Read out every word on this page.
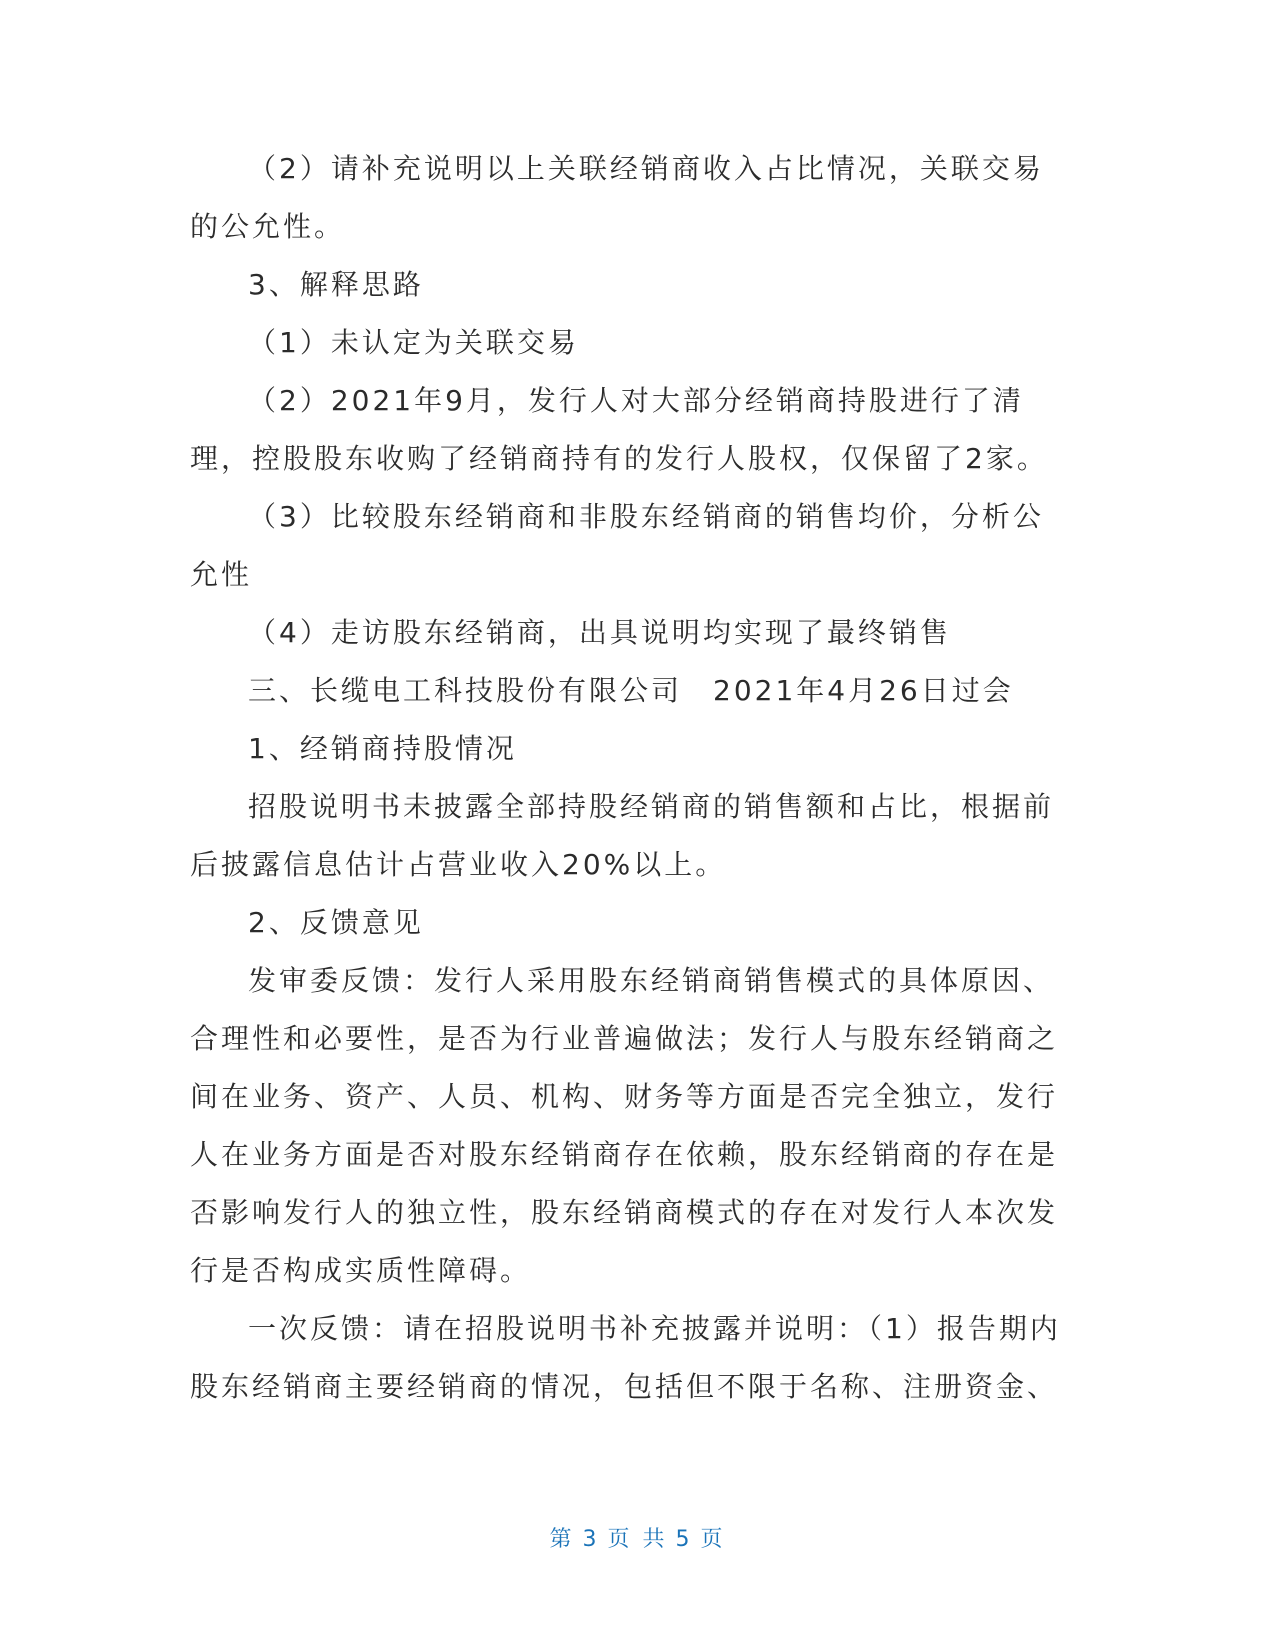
（2）请补充说明以上关联经销商收入占比情况，关联交易的公允性。

3、解释思路

（1）未认定为关联交易

（2）2021年9月，发行人对大部分经销商持股进行了清理，控股股东收购了经销商持有的发行人股权，仅保留了2家。

（3）比较股东经销商和非股东经销商的销售均价，分析公允性

（4）走访股东经销商，出具说明均实现了最终销售

三、长缆电工科技股份有限公司　2021年4月26日过会

1、经销商持股情况

招股说明书未披露全部持股经销商的销售额和占比，根据前后披露信息估计占营业收入20%以上。

2、反馈意见

发审委反馈：发行人采用股东经销商销售模式的具体原因、合理性和必要性，是否为行业普遍做法；发行人与股东经销商之间在业务、资产、人员、机构、财务等方面是否完全独立，发行人在业务方面是否对股东经销商存在依赖，股东经销商的存在是否影响发行人的独立性，股东经销商模式的存在对发行人本次发行是否构成实质性障碍。

一次反馈：请在招股说明书补充披露并说明：（1）报告期内股东经销商主要经销商的情况，包括但不限于名称、注册资金、

第 3 页 共 5 页
